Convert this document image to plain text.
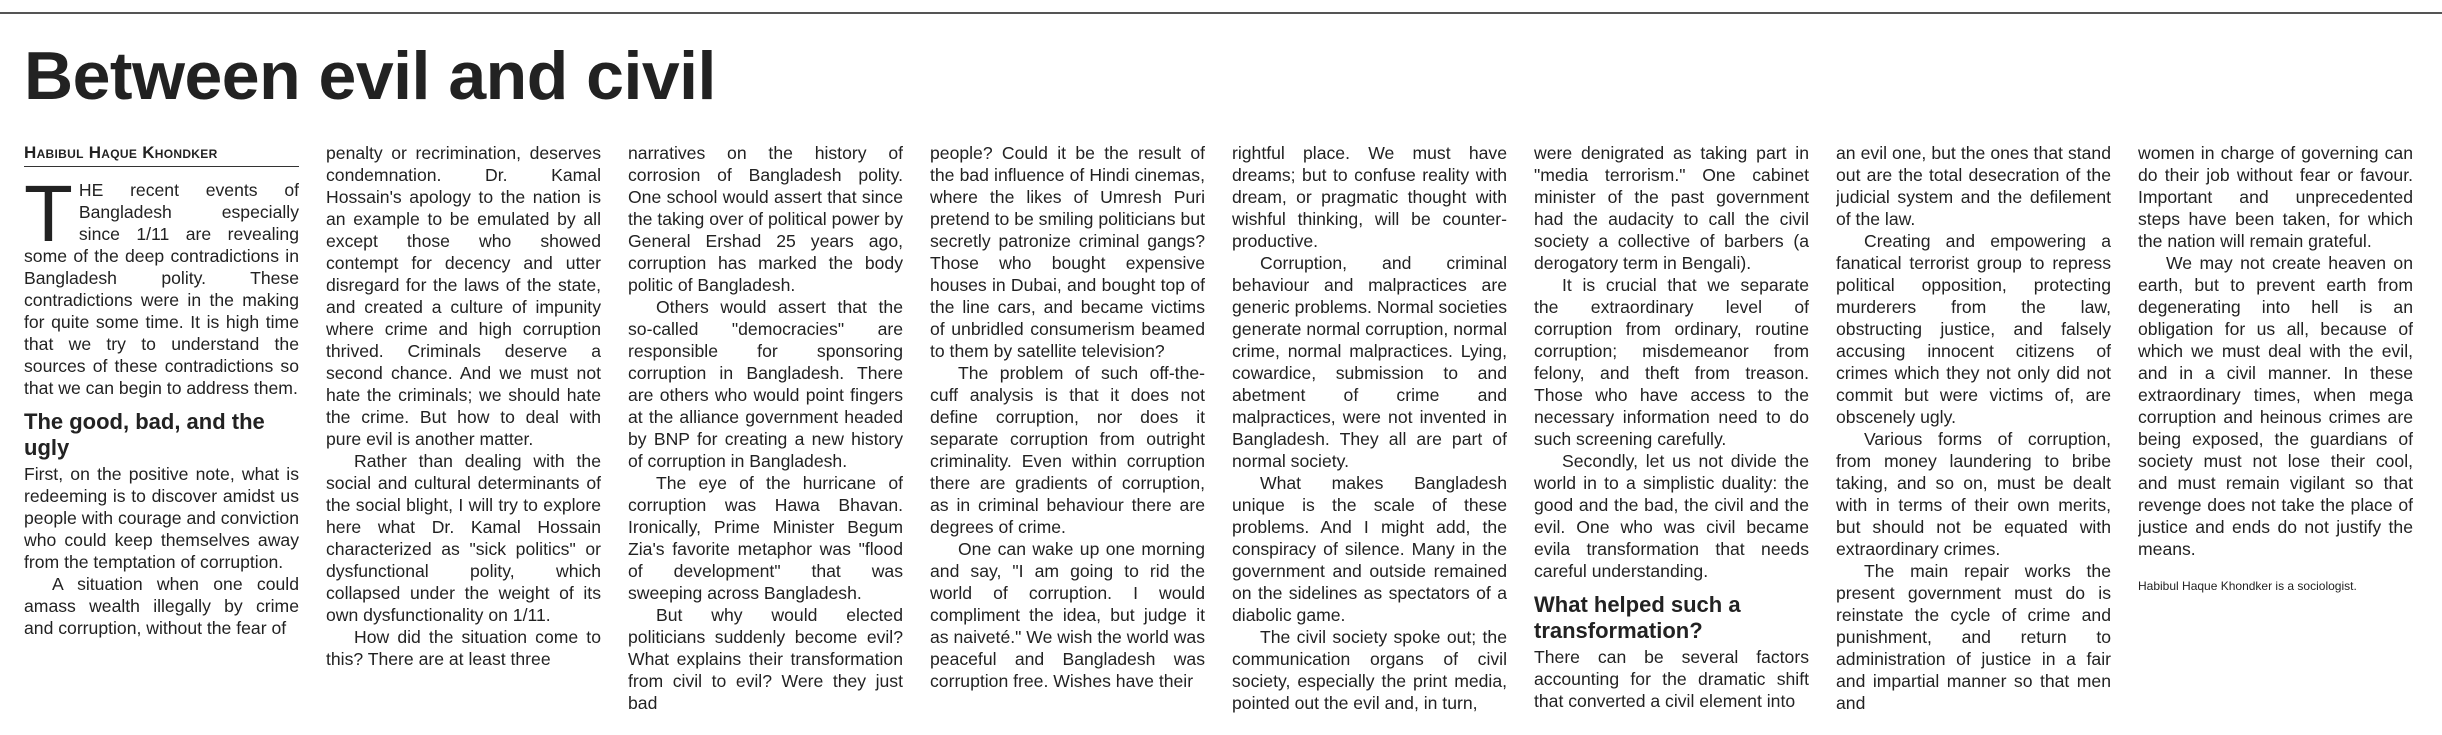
Between evil and civil
Habibul Haque Khondker

THE recent events of Bangladesh especially since 1/11 are revealing some of the deep contradictions in Bangladesh polity. These contradictions were in the making for quite some time. It is high time that we try to understand the sources of these contradictions so that we can begin to address them.

The good, bad, and the ugly

First, on the positive note, what is redeeming is to discover amidst us people with courage and conviction who could keep themselves away from the temptation of corruption.

A situation when one could amass wealth illegally by crime and corruption, without the fear of

penalty or recrimination, deserves condemnation. Dr. Kamal Hossain's apology to the nation is an example to be emulated by all except those who showed contempt for decency and utter disregard for the laws of the state, and created a culture of impunity where crime and high corruption thrived. Criminals deserve a second chance. And we must not hate the criminals; we should hate the crime. But how to deal with pure evil is another matter.

Rather than dealing with the social and cultural determinants of the social blight, I will try to explore here what Dr. Kamal Hossain characterized as "sick politics" or dysfunctional polity, which collapsed under the weight of its own dysfunctionality on 1/11.

How did the situation come to this? There are at least three

narratives on the history of corrosion of Bangladesh polity. One school would assert that since the taking over of political power by General Ershad 25 years ago, corruption has marked the body politic of Bangladesh.

Others would assert that the so-called "democracies" are responsible for sponsoring corruption in Bangladesh. There are others who would point fingers at the alliance government headed by BNP for creating a new history of corruption in Bangladesh.

The eye of the hurricane of corruption was Hawa Bhavan. Ironically, Prime Minister Begum Zia's favorite metaphor was "flood of development" that was sweeping across Bangladesh.

But why would elected politicians suddenly become evil? What explains their transformation from civil to evil? Were they just bad

people? Could it be the result of the bad influence of Hindi cinemas, where the likes of Umresh Puri pretend to be smiling politicians but secretly patronize criminal gangs? Those who bought expensive houses in Dubai, and bought top of the line cars, and became victims of unbridled consumerism beamed to them by satellite television?

The problem of such off-the-cuff analysis is that it does not define corruption, nor does it separate corruption from outright criminality. Even within corruption there are gradients of corruption, as in criminal behaviour there are degrees of crime.

One can wake up one morning and say, "I am going to rid the world of corruption. I would compliment the idea, but judge it as naiveté." We wish the world was peaceful and Bangladesh was corruption free. Wishes have their

rightful place. We must have dreams; but to confuse reality with dream, or pragmatic thought with wishful thinking, will be counter-productive.

Corruption, and criminal behaviour and malpractices are generic problems. Normal societies generate normal corruption, normal crime, normal malpractices. Lying, cowardice, submission to and abetment of crime and malpractices, were not invented in Bangladesh. They all are part of normal society.

What makes Bangladesh unique is the scale of these problems. And I might add, the conspiracy of silence. Many in the government and outside remained on the sidelines as spectators of a diabolic game.

The civil society spoke out; the communication organs of civil society, especially the print media, pointed out the evil and, in turn,

were denigrated as taking part in "media terrorism." One cabinet minister of the past government had the audacity to call the civil society a collective of barbers (a derogatory term in Bengali).

It is crucial that we separate the extraordinary level of corruption from ordinary, routine corruption; misdemeanor from felony, and theft from treason. Those who have access to the necessary information need to do such screening carefully.

Secondly, let us not divide the world in to a simplistic duality: the good and the bad, the civil and the evil. One who was civil became evila transformation that needs careful understanding.

What helped such a transformation?

There can be several factors accounting for the dramatic shift that converted a civil element into

an evil one, but the ones that stand out are the total desecration of the judicial system and the defilement of the law.

Creating and empowering a fanatical terrorist group to repress political opposition, protecting murderers from the law, obstructing justice, and falsely accusing innocent citizens of crimes which they not only did not commit but were victims of, are obscenely ugly.

Various forms of corruption, from money laundering to bribe taking, and so on, must be dealt with in terms of their own merits, but should not be equated with extraordinary crimes.

The main repair works the present government must do is reinstate the cycle of crime and punishment, and return to administration of justice in a fair and impartial manner so that men and

women in charge of governing can do their job without fear or favour. Important and unprecedented steps have been taken, for which the nation will remain grateful.

We may not create heaven on earth, but to prevent earth from degenerating into hell is an obligation for us all, because of which we must deal with the evil, and in a civil manner. In these extraordinary times, when mega corruption and heinous crimes are being exposed, the guardians of society must not lose their cool, and must remain vigilant so that revenge does not take the place of justice and ends do not justify the means.

Habibul Haque Khondker is a sociologist.
